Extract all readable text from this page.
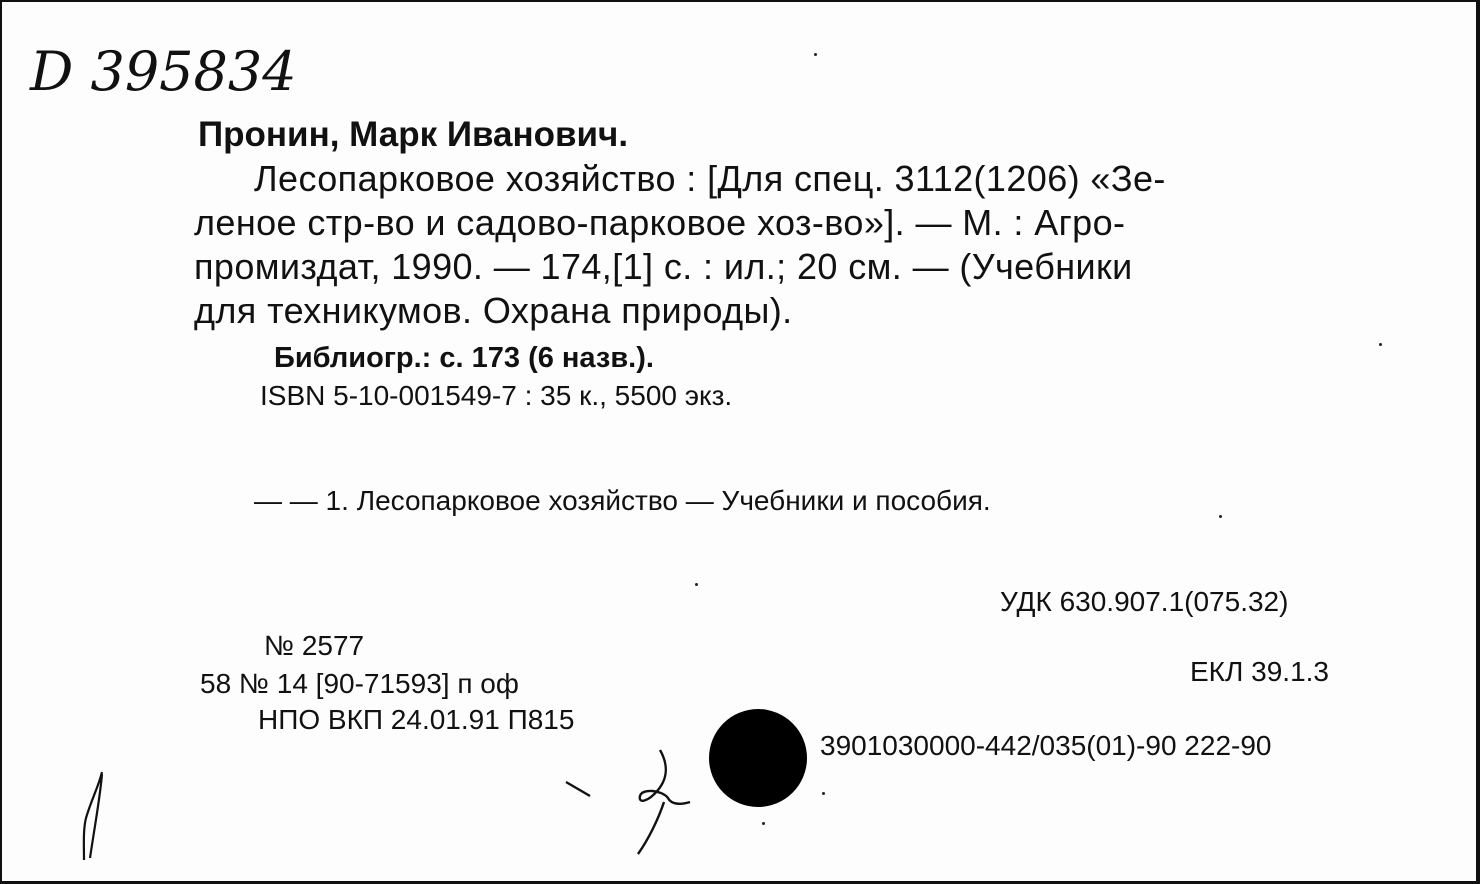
D 395834
Пронин, Марк Иванович.
Лесопарковое хозяйство : [Для спец. 3112(1206) «Зе-
леное стр-во и садово-парковое хоз-во»]. — М. : Агро-
промиздат, 1990. — 174,[1] с. : ил.; 20 см. — (Учебники
для техникумов. Охрана природы).
Библиогр.: с. 173 (6 назв.).
ISBN 5-10-001549-7 : 35 к., 5500 экз.
— — 1. Лесопарковое хозяйство — Учебники и пособия.
УДК 630.907.1(075.32)
№ 2577
ЕКЛ 39.1.3
58 № 14 [90-71593] п оф
НПО ВКП 24.01.91 П815
3901030000-442/035(01)-90 222-90
